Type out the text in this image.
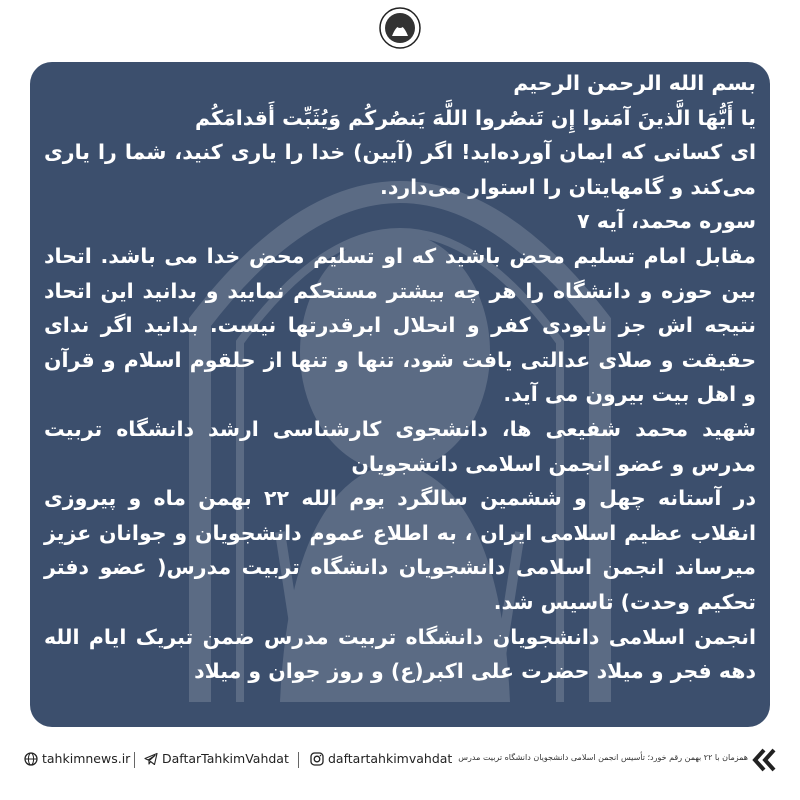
بسم الله الرحمن الرحیم

یا أَیُّهَا الَّذینَ آمَنوا إِن تَنصُروا اللَّهَ یَنصُرکُم وَیُثَبِّت أَقدامَکُم

ای کسانی که ایمان آورده‌اید! اگر (آیین) خدا را یاری کنید، شما را یاری می‌کند و گامهایتان را استوار می‌دارد.

سوره محمد، آیه ۷

مقابل امام تسلیم محض باشید که او تسلیم محض خدا می باشد. اتحاد بین حوزه و دانشگاه را هر چه بیشتر مستحکم نمایید و بدانید این اتحاد نتیجه اش جز نابودی کفر و انحلال ابرقدرتها نیست. بدانید اگر ندای حقیقت و صلای عدالتی یافت شود، تنها و تنها از حلقوم اسلام و قرآن و اهل بیت بیرون می آید.

شهید محمد شفیعی ها، دانشجوی کارشناسی ارشد دانشگاه تربیت مدرس و عضو انجمن اسلامی دانشجویان

در آستانه چهل و ششمین سالگرد یوم الله ۲۲ بهمن ماه و پیروزی انقلاب عظیم اسلامی ایران ، به اطلاع عموم دانشجویان و جوانان عزیز میرساند انجمن اسلامی دانشجویان دانشگاه تربیت مدرس( عضو دفتر تحکیم وحدت) تاسیس شد.

انجمن اسلامی دانشجویان دانشگاه تربیت مدرس ضمن تبریک ایام الله دهه فجر و میلاد حضرت علی اکبر(ع) و روز جوان و میلاد

tahkimnews.ir	DaftarTahkimVahdat	daftartahkimvahdat همزمان با ۲۲ بهمن رقم خورد؛ تأسیس انجمن اسلامی دانشجویان دانشگاه تربیت مدرس
